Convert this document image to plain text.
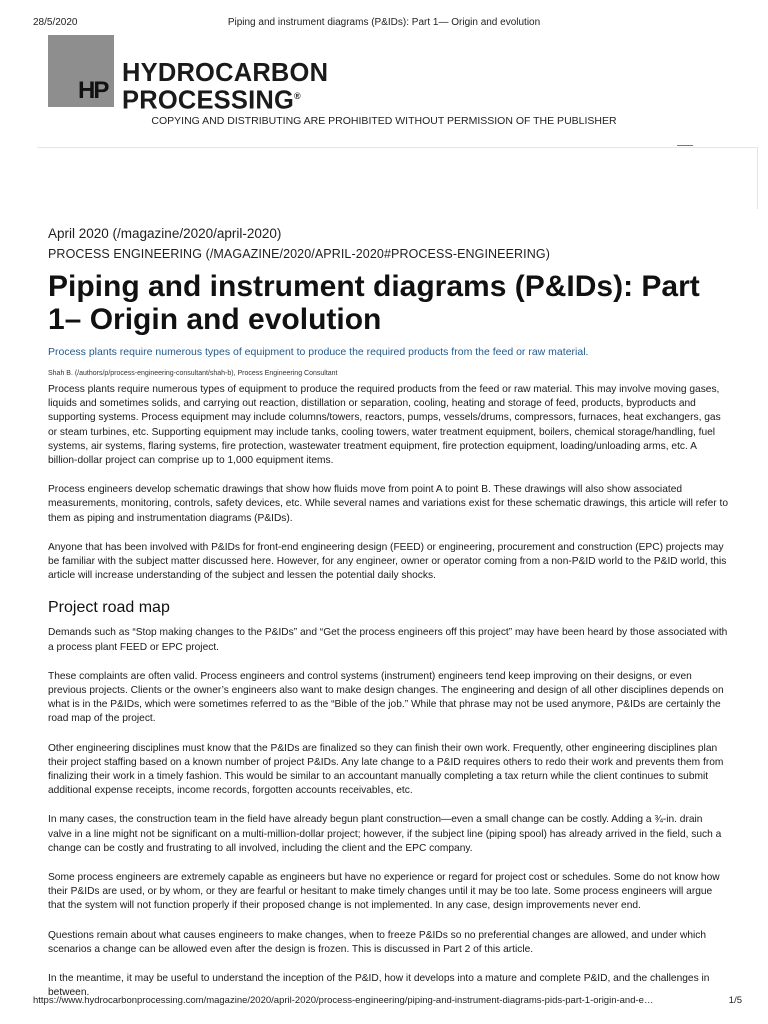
28/5/2020	Piping and instrument diagrams (P&IDs): Part 1— Origin and evolution
HP
HYDROCARBON
PROCESSING®
COPYING AND DISTRIBUTING ARE PROHIBITED WITHOUT PERMISSION OF THE PUBLISHER
April 2020 (/magazine/2020/april-2020)
PROCESS ENGINEERING (/MAGAZINE/2020/APRIL-2020#PROCESS-ENGINEERING)
Piping and instrument diagrams (P&IDs): Part 1– Origin and evolution

Process plants require numerous types of equipment to produce the required products from the feed or raw material.

Shah B. (/authors/p/process-engineering-consultant/shah-b), Process Engineering Consultant

Process plants require numerous types of equipment to produce the required products from the feed or raw material. This may involve moving gases, liquids and sometimes solids, and carrying out reaction, distillation or separation, cooling, heating and storage of feed, products, byproducts and supporting systems. Process equipment may include columns/towers, reactors, pumps, vessels/drums, compressors, furnaces, heat exchangers, gas or steam turbines, etc. Supporting equipment may include tanks, cooling towers, water treatment equipment, boilers, chemical storage/handling, fuel systems, air systems, flaring systems, fire protection, wastewater treatment equipment, fire protection equipment, loading/unloading arms, etc. A billion-dollar project can comprise up to 1,000 equipment items.

Process engineers develop schematic drawings that show how fluids move from point A to point B. These drawings will also show associated measurements, monitoring, controls, safety devices, etc. While several names and variations exist for these schematic drawings, this article will refer to them as piping and instrumentation diagrams (P&IDs).

Anyone that has been involved with P&IDs for front-end engineering design (FEED) or engineering, procurement and construction (EPC) projects may be familiar with the subject matter discussed here. However, for any engineer, owner or operator coming from a non-P&ID world to the P&ID world, this article will increase understanding of the subject and lessen the potential daily shocks.

Project road map

Demands such as “Stop making changes to the P&IDs” and “Get the process engineers off this project” may have been heard by those associated with a process plant FEED or EPC project.

These complaints are often valid. Process engineers and control systems (instrument) engineers tend keep improving on their designs, or even previous projects. Clients or the owner’s engineers also want to make design changes. The engineering and design of all other disciplines depends on what is in the P&IDs, which were sometimes referred to as the “Bible of the job.” While that phrase may not be used anymore, P&IDs are certainly the road map of the project.

Other engineering disciplines must know that the P&IDs are finalized so they can finish their own work. Frequently, other engineering disciplines plan their project staffing based on a known number of project P&IDs. Any late change to a P&ID requires others to redo their work and prevents them from finalizing their work in a timely fashion. This would be similar to an accountant manually completing a tax return while the client continues to submit additional expense receipts, income records, forgotten accounts receivables, etc.

In many cases, the construction team in the field have already begun plant construction—even a small change can be costly. Adding a ¾-in. drain valve in a line might not be significant on a multi-million-dollar project; however, if the subject line (piping spool) has already arrived in the field, such a change can be costly and frustrating to all involved, including the client and the EPC company.

Some process engineers are extremely capable as engineers but have no experience or regard for project cost or schedules. Some do not know how their P&IDs are used, or by whom, or they are fearful or hesitant to make timely changes until it may be too late. Some process engineers will argue that the system will not function properly if their proposed change is not implemented. In any case, design improvements never end.

Questions remain about what causes engineers to make changes, when to freeze P&IDs so no preferential changes are allowed, and under which scenarios a change can be allowed even after the design is frozen. This is discussed in Part 2 of this article.

In the meantime, it may be useful to understand the inception of the P&ID, how it develops into a mature and complete P&ID, and the challenges in between.

https://www.hydrocarbonprocessing.com/magazine/2020/april-2020/process-engineering/piping-and-instrument-diagrams-pids-part-1-origin-and-e…	1/5
